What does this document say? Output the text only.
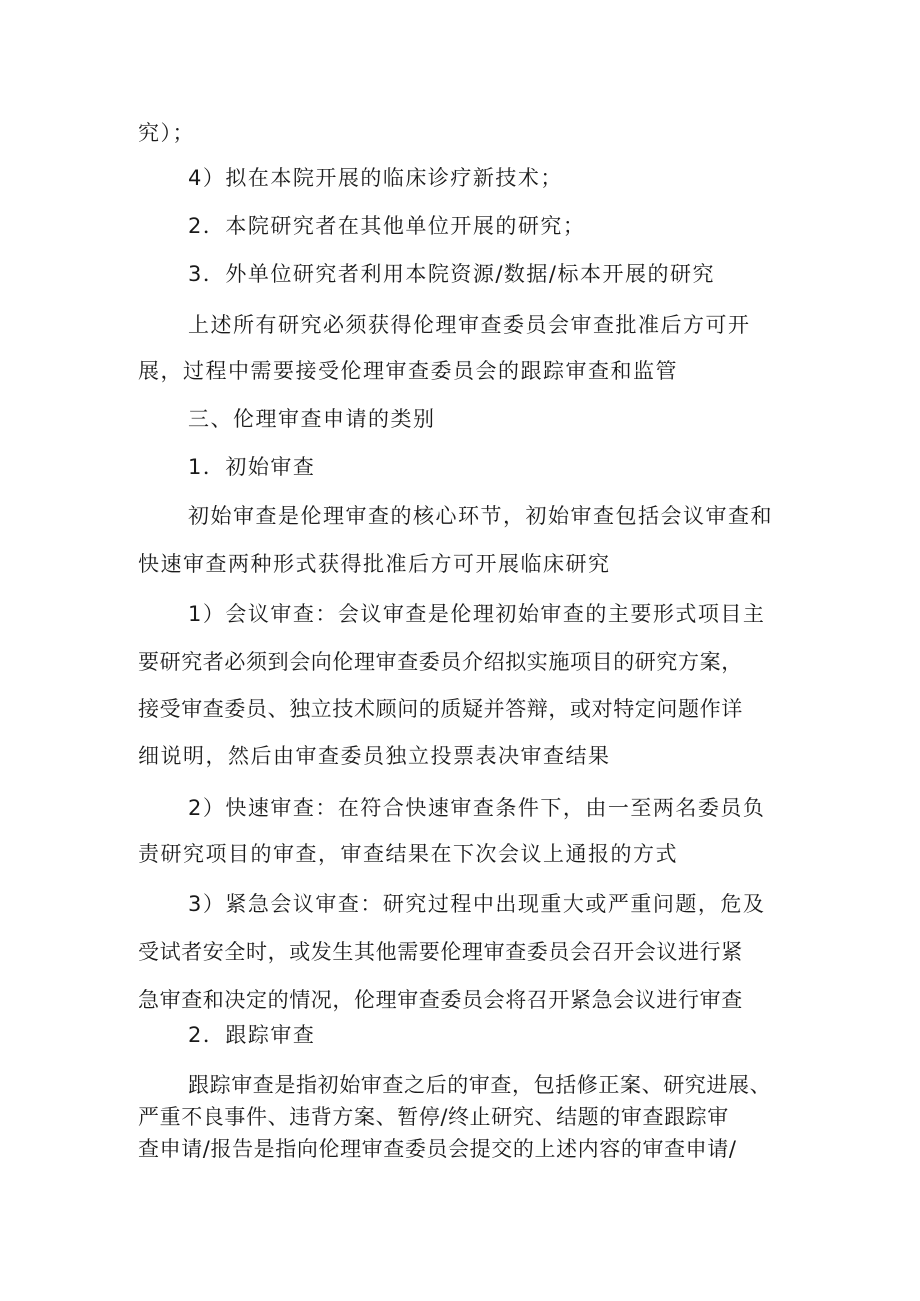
究）；
4）拟在本院开展的临床诊疗新技术；
2．本院研究者在其他单位开展的研究；
3．外单位研究者利用本院资源/数据/标本开展的研究
上述所有研究必须获得伦理审查委员会审查批准后方可开
展，过程中需要接受伦理审查委员会的跟踪审查和监管
三、伦理审查申请的类别
1．初始审查
初始审查是伦理审查的核心环节，初始审查包括会议审查和
快速审查两种形式获得批准后方可开展临床研究
1）会议审查：会议审查是伦理初始审查的主要形式项目主
要研究者必须到会向伦理审查委员介绍拟实施项目的研究方案，
接受审查委员、独立技术顾问的质疑并答辩，或对特定问题作详
细说明，然后由审查委员独立投票表决审查结果
2）快速审查：在符合快速审查条件下，由一至两名委员负
责研究项目的审查，审查结果在下次会议上通报的方式
3）紧急会议审查：研究过程中出现重大或严重问题，危及
受试者安全时，或发生其他需要伦理审查委员会召开会议进行紧
急审查和决定的情况，伦理审查委员会将召开紧急会议进行审查
2．跟踪审查
跟踪审查是指初始审查之后的审查，包括修正案、研究进展、
严重不良事件、违背方案、暂停/终止研究、结题的审查跟踪审
查申请/报告是指向伦理审查委员会提交的上述内容的审查申请/
